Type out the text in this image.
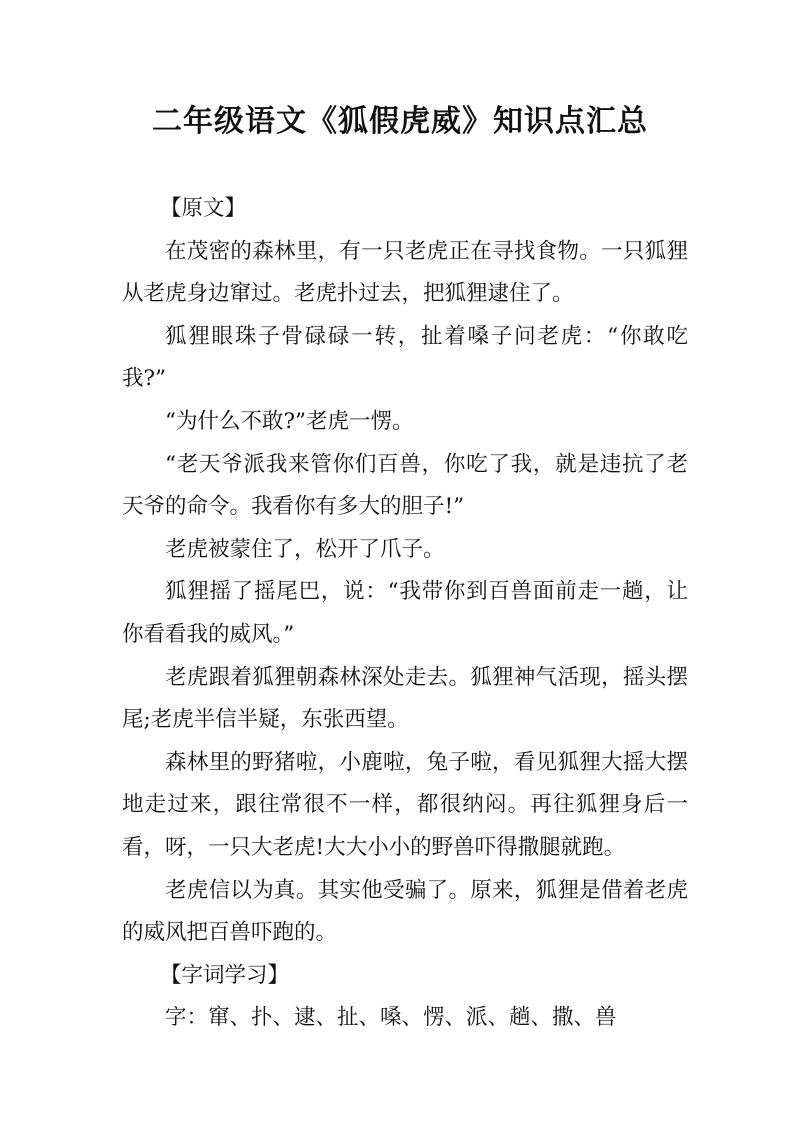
二年级语文《狐假虎威》知识点汇总

【原文】

在茂密的森林里，有一只老虎正在寻找食物。一只狐狸从老虎身边窜过。老虎扑过去，把狐狸逮住了。

狐狸眼珠子骨碌碌一转，扯着嗓子问老虎：“你敢吃我?”

“为什么不敢?”老虎一愣。

“老天爷派我来管你们百兽，你吃了我，就是违抗了老天爷的命令。我看你有多大的胆子!”

老虎被蒙住了，松开了爪子。

狐狸摇了摇尾巴，说：“我带你到百兽面前走一趟，让你看看我的威风。”

老虎跟着狐狸朝森林深处走去。狐狸神气活现，摇头摆尾;老虎半信半疑，东张西望。

森林里的野猪啦，小鹿啦，兔子啦，看见狐狸大摇大摆地走过来，跟往常很不一样，都很纳闷。再往狐狸身后一看，呀，一只大老虎!大大小小的野兽吓得撒腿就跑。

老虎信以为真。其实他受骗了。原来，狐狸是借着老虎的威风把百兽吓跑的。

【字词学习】

字：窜、扑、逮、扯、嗓、愣、派、趟、撒、兽
